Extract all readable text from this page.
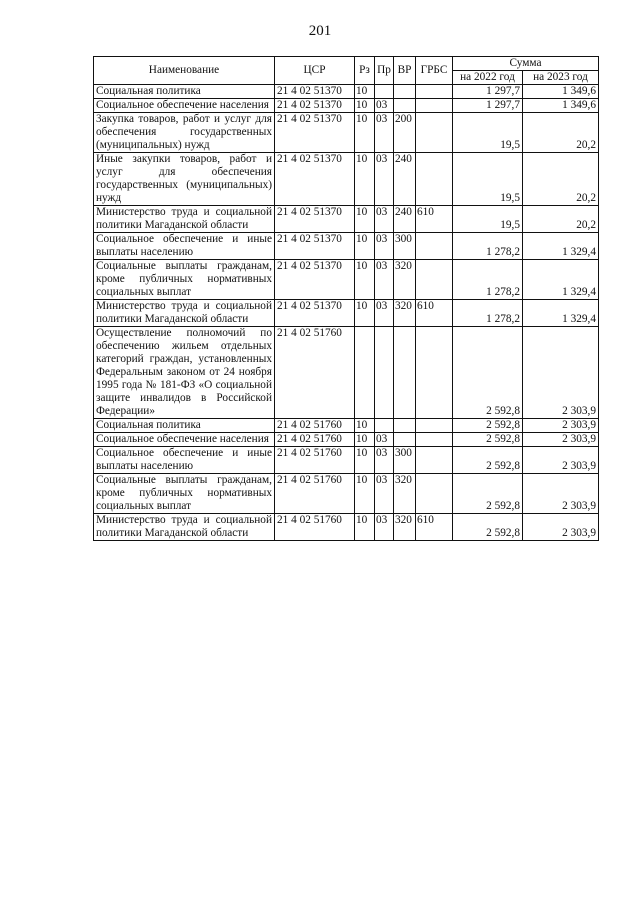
201
Наименование	ЦСР	Рз	Пр	ВР	ГРБС	Сумма	
						на 2022 год	на 2023 год
Социальная политика	21 4 02 51370	10				1 297,7	1 349,6
Социальное обеспечение населения	21 4 02 51370	10	03			1 297,7	1 349,6
Закупка товаров, работ и услуг для обеспечения государственных (муниципальных) нужд	21 4 02 51370	10	03	200		19,5	20,2
Иные закупки товаров, работ и услуг для обеспечения государственных (муниципальных) нужд	21 4 02 51370	10	03	240		19,5	20,2
Министерство труда и социальной политики Магаданской области	21 4 02 51370	10	03	240	610	19,5	20,2
Социальное обеспечение и иные выплаты населению	21 4 02 51370	10	03	300		1 278,2	1 329,4
Социальные выплаты гражданам, кроме публичных нормативных социальных выплат	21 4 02 51370	10	03	320		1 278,2	1 329,4
Министерство труда и социальной политики Магаданской области	21 4 02 51370	10	03	320	610	1 278,2	1 329,4
Осуществление полномочий по обеспечению жильем отдельных категорий граждан, установленных Федеральным законом от 24 ноября 1995 года № 181-ФЗ «О социальной защите инвалидов в Российской Федерации»	21 4 02 51760					2 592,8	2 303,9
Социальная политика	21 4 02 51760	10				2 592,8	2 303,9
Социальное обеспечение населения	21 4 02 51760	10	03			2 592,8	2 303,9
Социальное обеспечение и иные выплаты населению	21 4 02 51760	10	03	300		2 592,8	2 303,9
Социальные выплаты гражданам, кроме публичных нормативных социальных выплат	21 4 02 51760	10	03	320		2 592,8	2 303,9
Министерство труда и социальной политики Магаданской области	21 4 02 51760	10	03	320	610	2 592,8	2 303,9
